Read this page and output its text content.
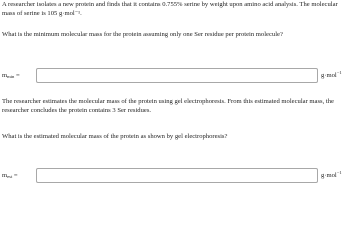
A researcher isolates a new protein and finds that it contains 0.755% serine by weight upon amino acid analysis. The molecular mass of serine is 105 g·mol⁻¹.

What is the minimum molecular mass for the protein assuming only one Ser residue per protein molecule?

$m_{min}$ =	g·mol$^{-1}$

The researcher estimates the molecular mass of the protein using gel electrophoresis. From this estimated molecular mass, the researcher concludes the protein contains 3 Ser residues.

What is the estimated molecular mass of the protein as shown by gel electrophoresis?

$m_{est}$ =	g·mol$^{-1}$
